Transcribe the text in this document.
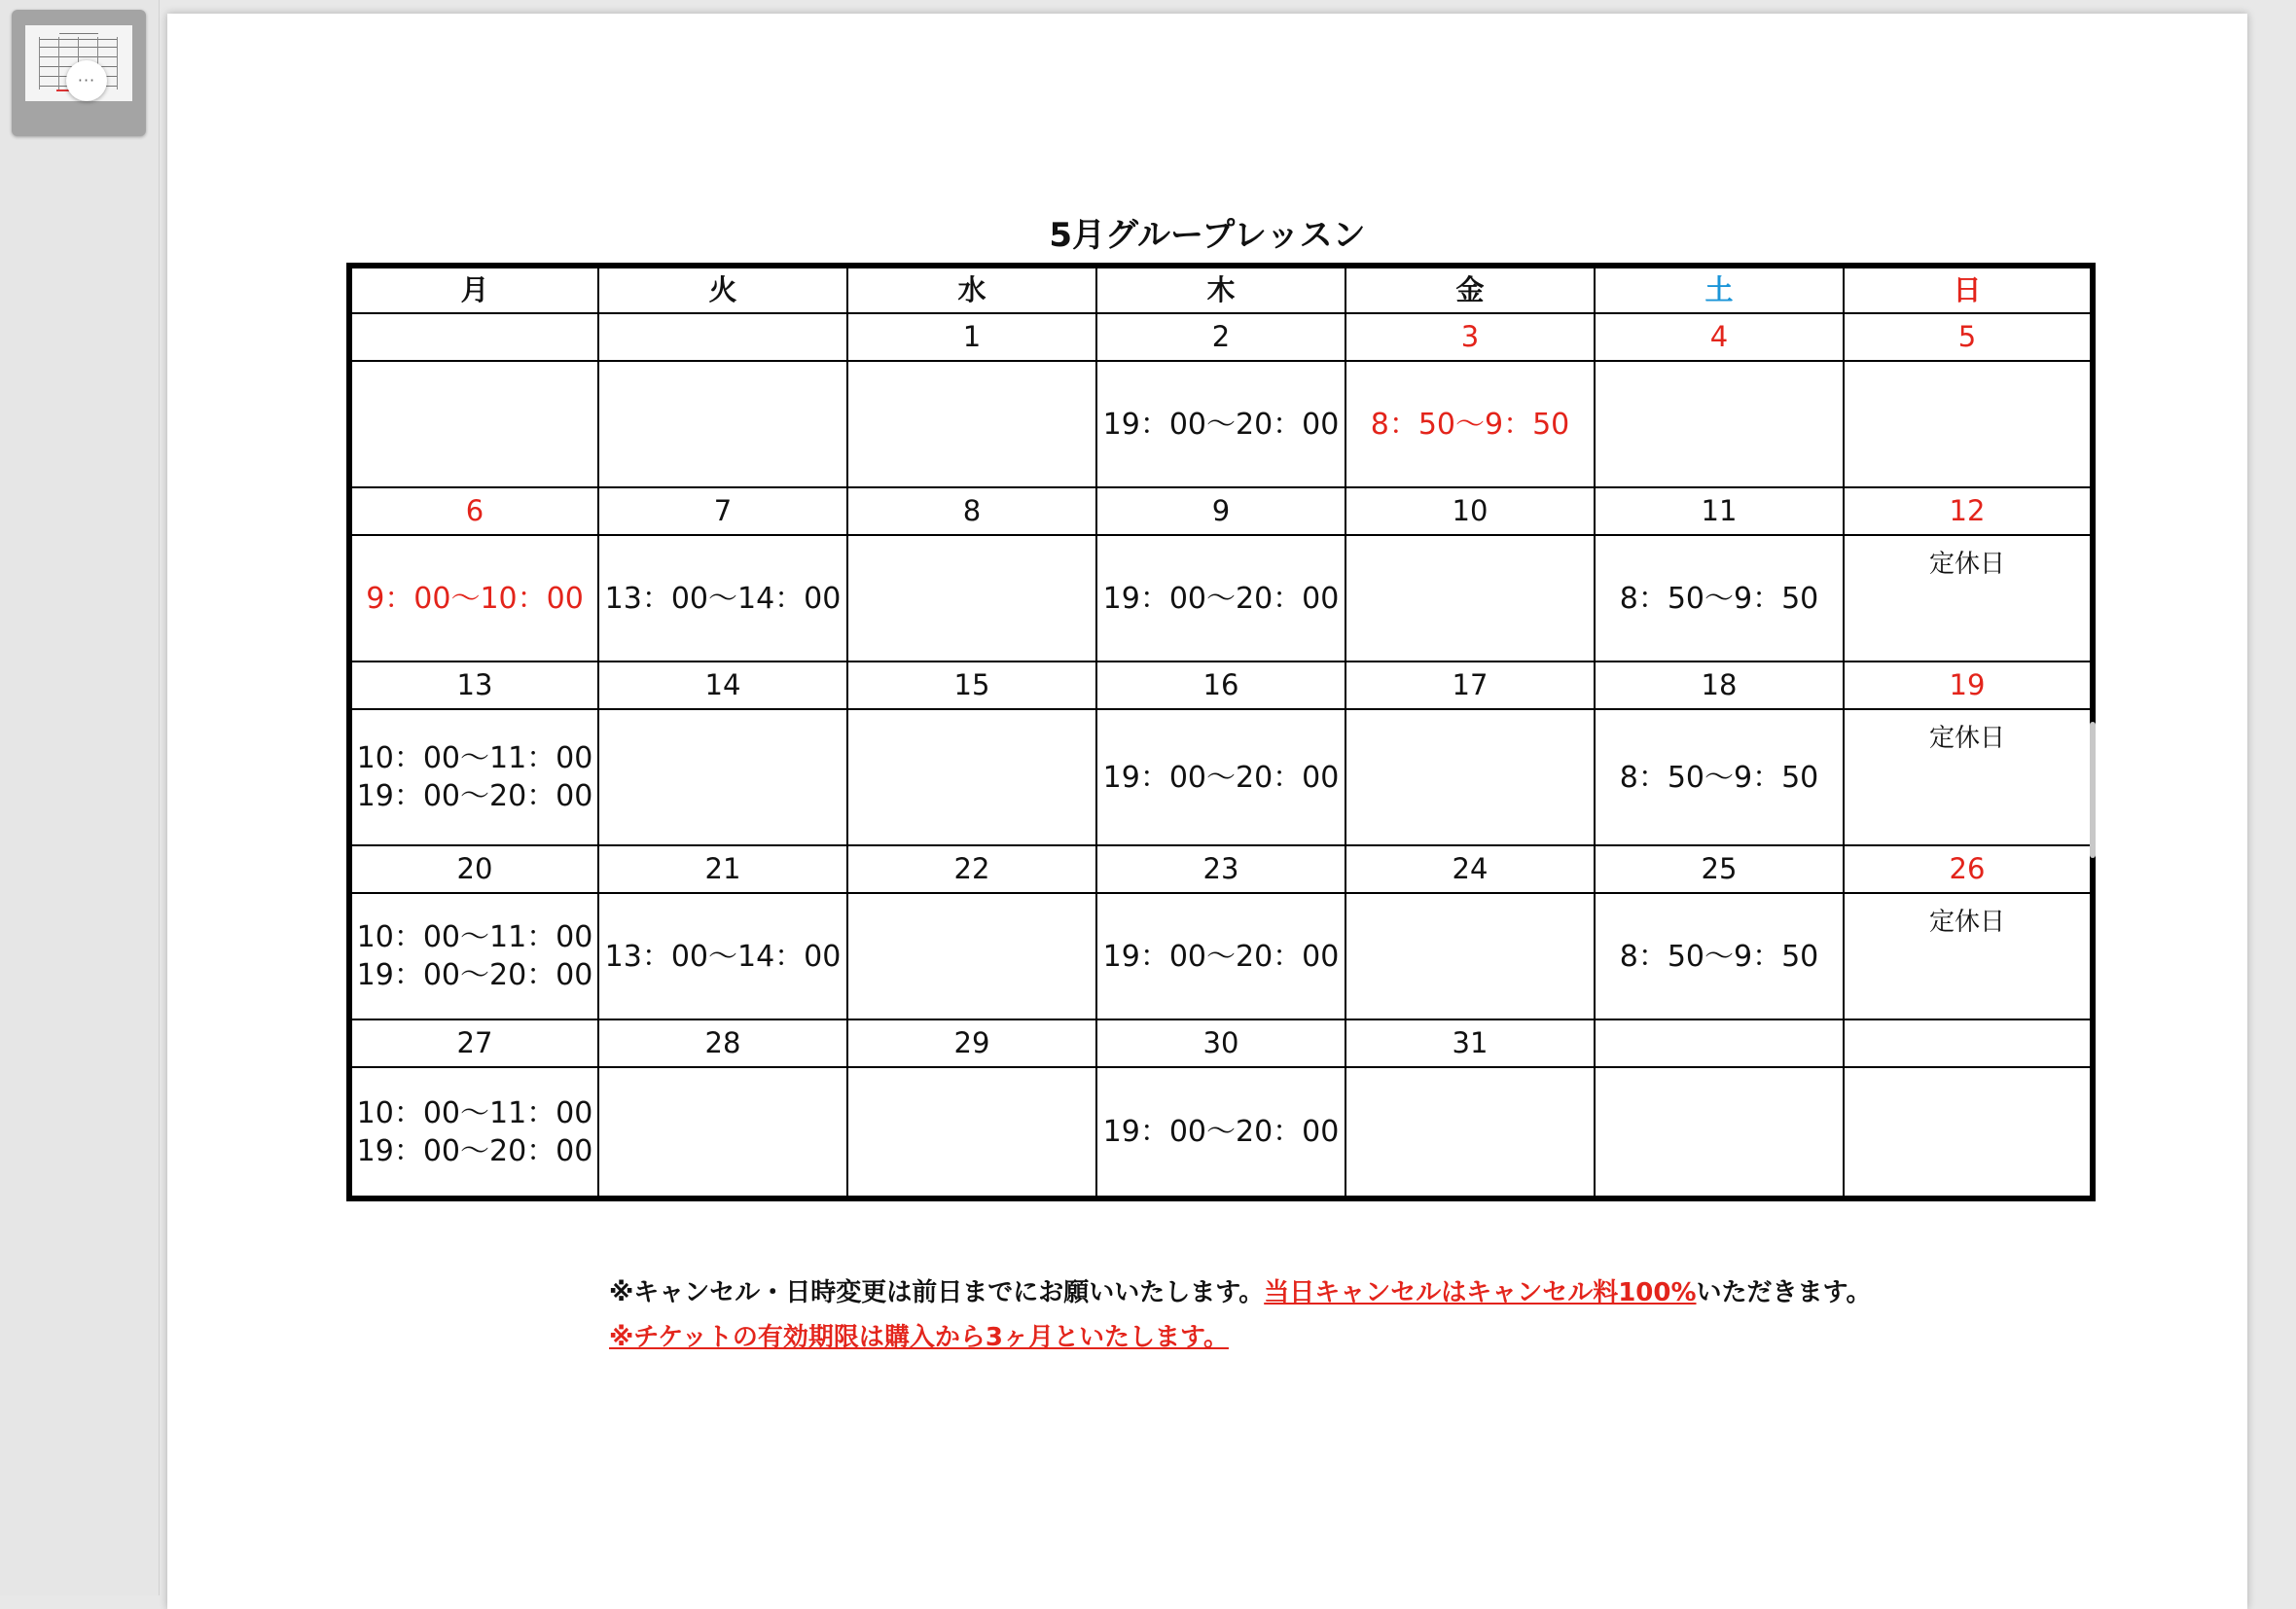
···
5月グループレッスン
月	火	水	木	金	土	日
		1	2	3	4	5

			19：00〜20：00	8：50〜9：50		

6	7	8	9	10	11	12

9：00〜10：00	13：00〜14：00		19：00〜20：00		8：50〜9：50	定休日
13	14	15	16	17	18	19

10：00〜11：00
19：00〜20：00			19：00〜20：00		8：50〜9：50	定休日
20	21	22	23	24	25	26

10：00〜11：00
19：00〜20：00	13：00〜14：00		19：00〜20：00		8：50〜9：50	定休日
27	28	29	30	31		

10：00〜11：00
19：00〜20：00			19：00〜20：00			

※キャンセル・日時変更は前日までにお願いいたします。当日キャンセルはキャンセル料100%いただきます。
※チケットの有効期限は購入から3ヶ月といたします。
